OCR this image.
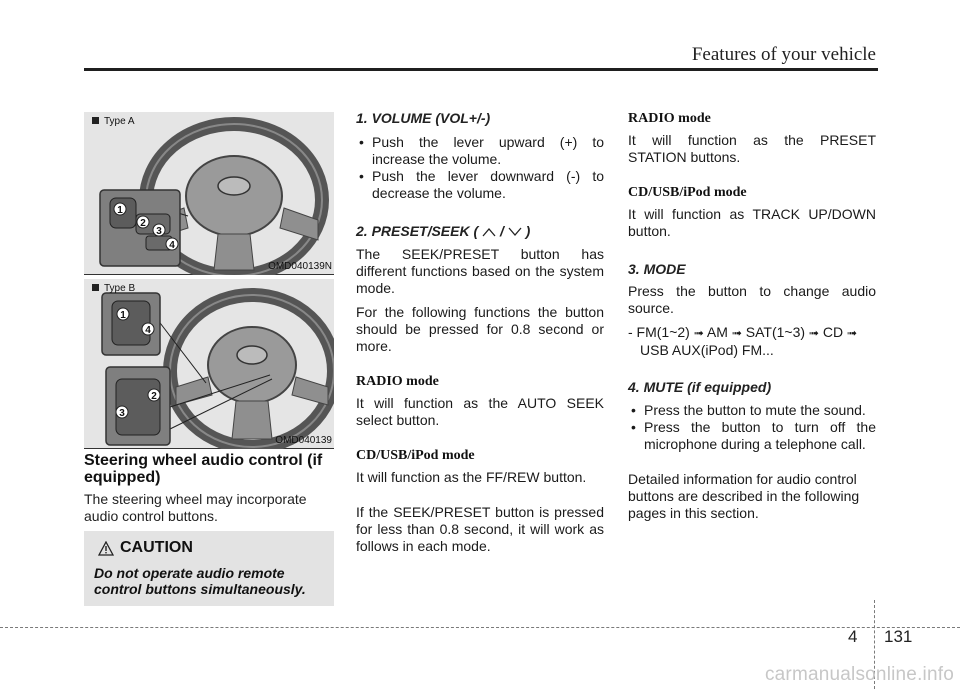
Features of your vehicle
1
2
3
4
Type A
OMD040139N
1
4
2
3
Type B
OMD040139
Steering wheel audio control (if equipped)
The steering wheel may incorporate audio control buttons.
CAUTION
Do not operate audio remote control buttons simultaneously.
1. VOLUME (VOL+/-)
• Push the lever upward (+) to increase the volume.
• Push the lever downward (-) to decrease the volume.
2. PRESET/SEEK ( / )
The SEEK/PRESET button has different functions based on the system mode.
For the following functions the button should be pressed for 0.8 second or more.
RADIO mode
It will function as the AUTO SEEK select button.
CD/USB/iPod mode
It will function as the FF/REW button.
If the SEEK/PRESET button is pressed for less than 0.8 second, it will work as follows in each mode.
RADIO mode
It will function as the PRESET STATION buttons.
CD/USB/iPod mode
It will function as TRACK UP/DOWN button.
3. MODE
Press the button to change audio source.
- FM(1~2) ➟ AM ➟ SAT(1~3) ➟ CD ➟ USB AUX(iPod) FM...
4. MUTE (if equipped)
• Press the button to mute the sound.
• Press the button to turn off the microphone during a telephone call.
Detailed information for audio control buttons are described in the following pages in this section.
4 131
carmanualsonline.info
